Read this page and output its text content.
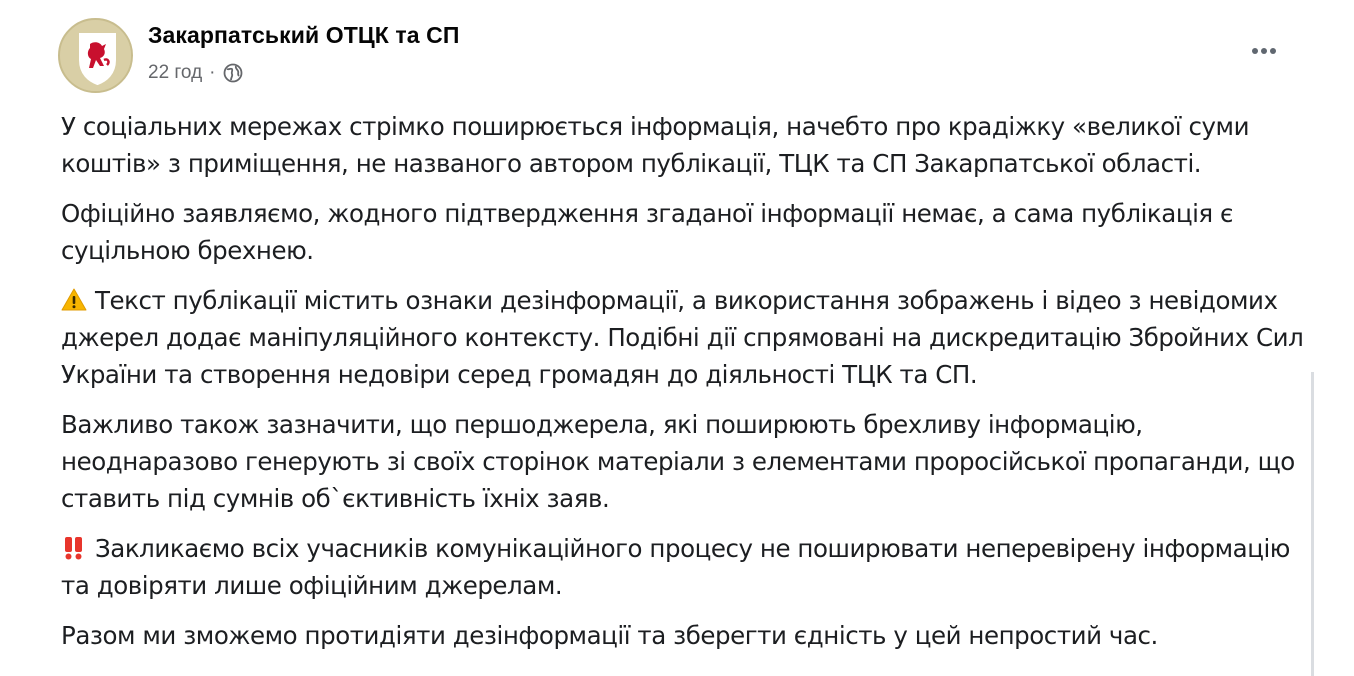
Закарпатський ОТЦК та СП
22 год ·

У соціальних мережах стрімко поширюється інформація, начебто про крадіжку «великої суми коштів» з приміщення, не названого автором публікації, ТЦК та СП Закарпатської області.

Офіційно заявляємо, жодного підтвердження згаданої інформації немає, а сама публікація є суцільною брехнею.

Текст публікації містить ознаки дезінформації, а використання зображень і відео з невідомих джерел додає маніпуляційного контексту. Подібні дії спрямовані на дискредитацію Збройних Сил України та створення недовіри серед громадян до діяльності ТЦК та СП.

Важливо також зазначити, що першоджерела, які поширюють брехливу інформацію, неоднаразово генерують зі своїх сторінок матеріали з елементами проросійської пропаганди, що ставить під сумнів об`єктивність їхніх заяв.

Закликаємо всіх учасників комунікаційного процесу не поширювати неперевірену інформацію та довіряти лише офіційним джерелам.

Разом ми зможемо протидіяти дезінформації та зберегти єдність у цей непростий час.
